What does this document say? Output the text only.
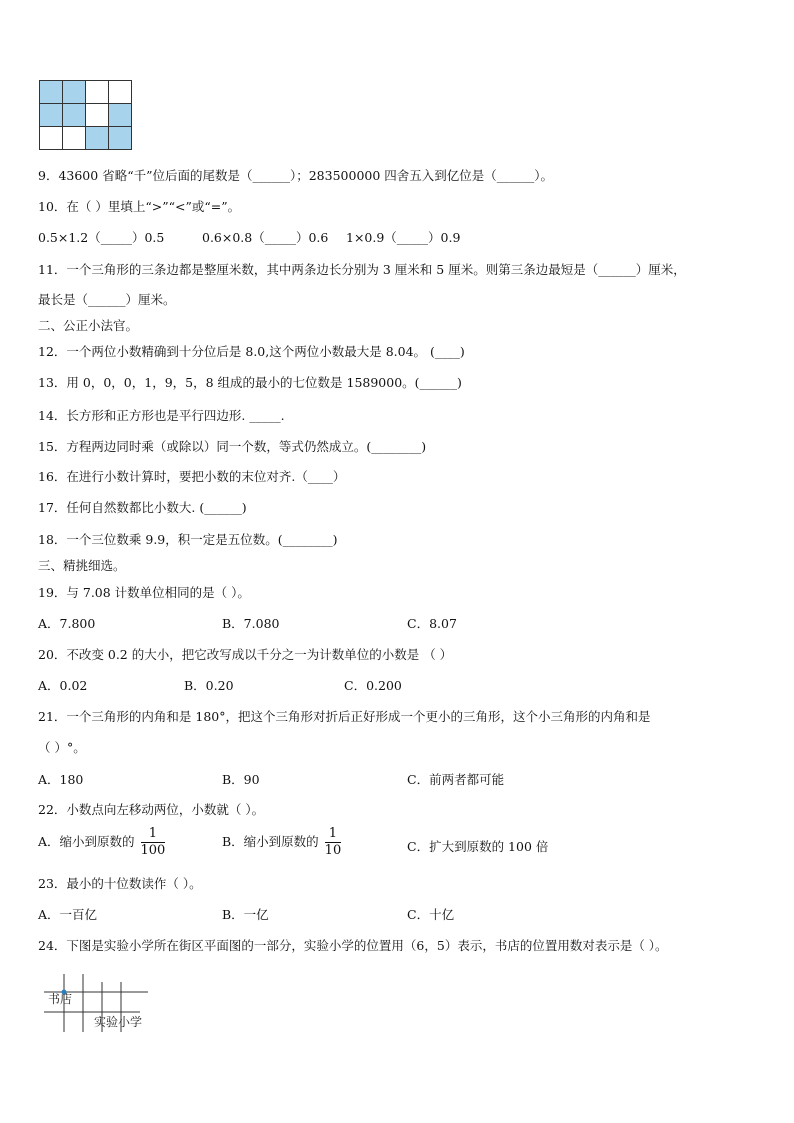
9．43600 省略“千”位后面的尾数是（______）；283500000 四舍五入到亿位是（______）。
10．在（ ）里填上“>”“<”或“=”。
0.5×1.2（_____）0.5	0.6×0.8（_____）0.6 1×0.9（_____）0.9
11．一个三角形的三条边都是整厘米数，其中两条边长分别为 3 厘米和 5 厘米。则第三条边最短是（______）厘米，
最长是（______）厘米。
二、公正小法官。
12．一个两位小数精确到十分位后是 8.0,这个两位小数最大是 8.04。 (____)
13．用 0，0，0，1，9，5，8 组成的最小的七位数是 1589000。(______)
14．长方形和正方形也是平行四边形. _____.
15．方程两边同时乘（或除以）同一个数，等式仍然成立。(________)
16．在进行小数计算时，要把小数的末位对齐.（____）
17．任何自然数都比小数大. (______)
18．一个三位数乘 9.9，积一定是五位数。(________)
三、精挑细选。
19．与 7.08 计数单位相同的是（ ）。
A．7.800	B．7.080	C．8.07
20．不改变 0.2 的大小，把它改写成以千分之一为计数单位的小数是 （ ）
A．0.02	B．0.20	C．0.200
21．一个三角形的内角和是 180°，把这个三角形对折后正好形成一个更小的三角形，这个小三角形的内角和是
（ ）°。
A．180	B．90	C．前两者都可能
22．小数点向左移动两位，小数就（ ）。
A．缩小到原数的 $\frac{1}{100}$	B．缩小到原数的 $\frac{1}{10}$	C．扩大到原数的 100 倍
23．最小的十位数读作（ ）。
A．一百亿	B．一亿	C．十亿
24．下图是实验小学所在街区平面图的一部分，实验小学的位置用（6，5）表示，书店的位置用数对表示是（ ）。
书店
实验小学
